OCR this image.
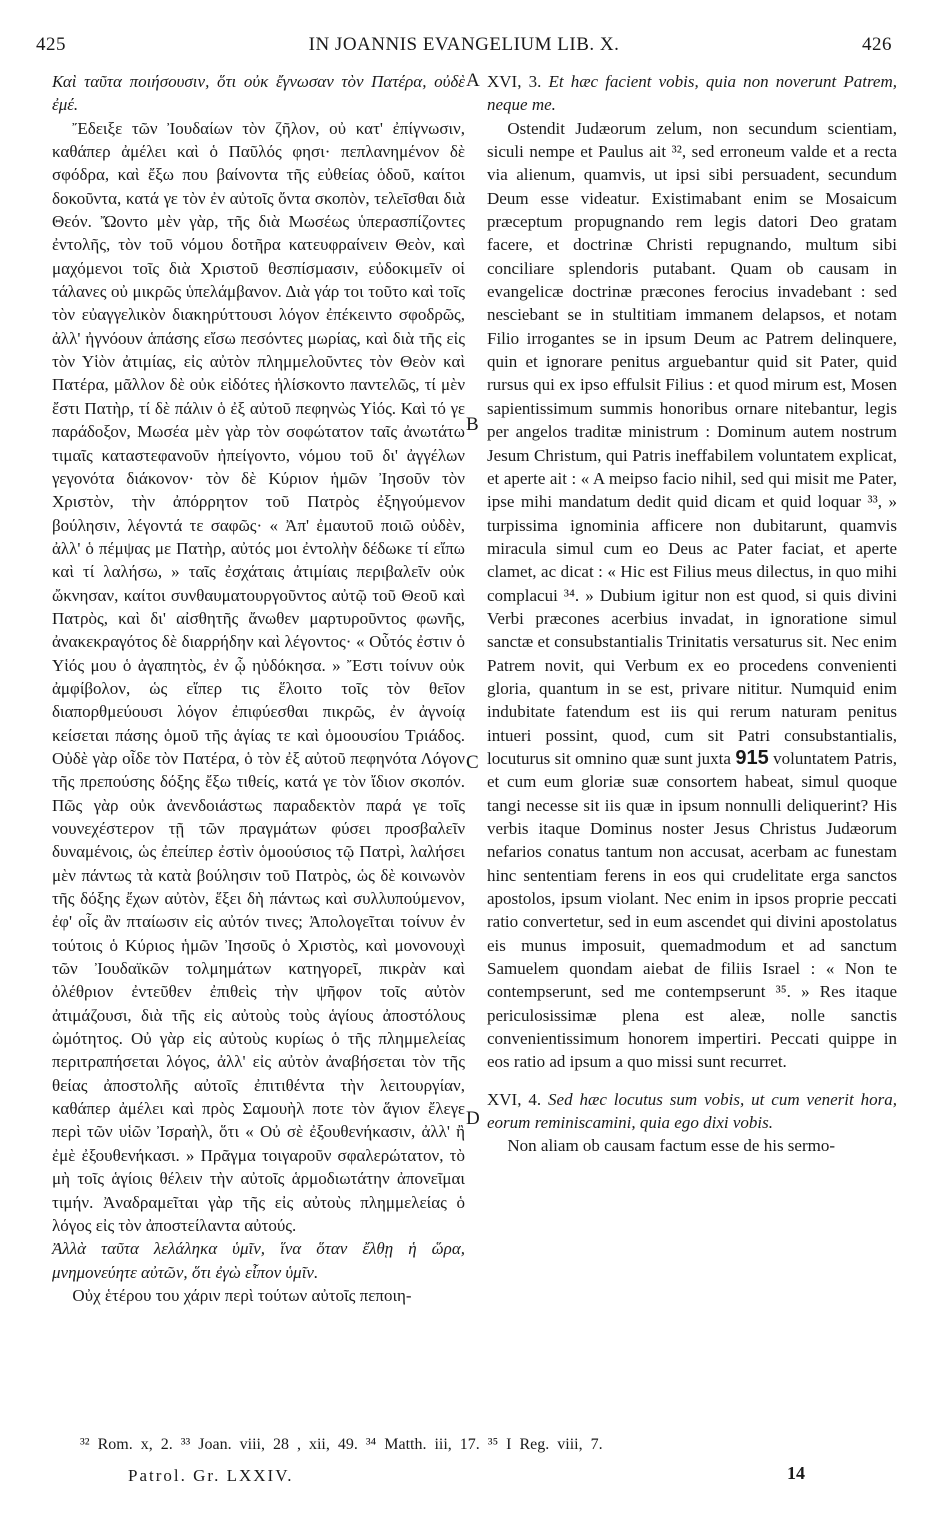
425	IN JOANNIS EVANGELIUM LIB. X.	426

Καὶ ταῦτα ποιήσουσιν, ὅτι οὐκ ἔγνωσαν τὸν Πατέρα, οὐδὲ ἐμέ.

Ἔδειξε τῶν Ἰουδαίων τὸν ζῆλον, οὐ κατ' ἐπίγνωσιν, καθάπερ ἀμέλει καὶ ὁ Παῦλός φησι· πεπλανημένον δὲ σφόδρα, καὶ ἔξω που βαίνοντα τῆς εὐθείας ὁδοῦ, καίτοι δοκοῦντα, κατά γε τὸν ἐν αὐτοῖς ὄντα σκοπὸν, τελεῖσθαι διὰ Θεόν. Ὤοντο μὲν γὰρ, τῆς διὰ Μωσέως ὑπερασπίζοντες ἐντολῆς, τὸν τοῦ νόμου δοτῆρα κατευφραίνειν Θεὸν, καὶ μαχόμενοι τοῖς διὰ Χριστοῦ θεσπίσμασιν, εὐδοκιμεῖν οἱ τάλανες οὐ μικρῶς ὑπελάμβανον. Διὰ γάρ τοι τοῦτο καὶ τοῖς τὸν εὐαγγελικὸν διακηρύττουσι λόγον ἐπέκειντο σφοδρῶς, ἀλλ' ἠγνόουν ἁπάσης εἴσω πεσόντες μωρίας, καὶ διὰ τῆς εἰς τὸν Υἱὸν ἀτιμίας, εἰς αὐτὸν πλημμελοῦντες τὸν Θεὸν καὶ Πατέρα, μᾶλλον δὲ οὐκ εἰδότες ἡλίσκοντο παντελῶς, τί μὲν ἔστι Πατὴρ, τί δὲ πάλιν ὁ ἐξ αὐτοῦ πεφηνὼς Υἱός. Καὶ τό γε παράδοξον, Μωσέα μὲν γὰρ τὸν σοφώτατον ταῖς ἀνωτάτω τιμαῖς καταστεφανοῦν ἠπείγοντο, νόμου τοῦ δι' ἀγγέλων γεγονότα διάκονον· τὸν δὲ Κύριον ἡμῶν Ἰησοῦν τὸν Χριστὸν, τὴν ἀπόρρητον τοῦ Πατρὸς ἐξηγούμενον βούλησιν, λέγοντά τε σαφῶς· « Ἀπ' ἐμαυτοῦ ποιῶ οὐδὲν, ἀλλ' ὁ πέμψας με Πατὴρ, αὐτός μοι ἐντολὴν δέδωκε τί εἴπω καὶ τί λαλήσω, » ταῖς ἐσχάταις ἀτιμίαις περιβαλεῖν οὐκ ὤκνησαν, καίτοι συνθαυματουργοῦντος αὐτῷ τοῦ Θεοῦ καὶ Πατρὸς, καὶ δι' αἰσθητῆς ἄνωθεν μαρτυροῦντος φωνῆς, ἀνακεκραγότος δὲ διαρρήδην καὶ λέγοντος· « Οὗτός ἐστιν ὁ Υἱός μου ὁ ἀγαπητὸς, ἐν ᾧ ηὐδόκησα. » Ἔστι τοίνυν οὐκ ἀμφίβολον, ὡς εἴπερ τις ἕλοιτο τοῖς τὸν θεῖον διαπορθμεύουσι λόγον ἐπιφύεσθαι πικρῶς, ἐν ἀγνοίᾳ κείσεται πάσης ὁμοῦ τῆς ἁγίας τε καὶ ὁμοουσίου Τριάδος. Οὐδὲ γὰρ οἶδε τὸν Πατέρα, ὁ τὸν ἐξ αὐτοῦ πεφηνότα Λόγον τῆς πρεπούσης δόξης ἔξω τιθείς, κατά γε τὸν ἴδιον σκοπόν. Πῶς γὰρ οὐκ ἀνενδοιάστως παραδεκτὸν παρά γε τοῖς νουνεχέστερον τῇ τῶν πραγμάτων φύσει προσβαλεῖν δυναμένοις, ὡς ἐπείπερ ἐστὶν ὁμοούσιος τῷ Πατρὶ, λαλήσει μὲν πάντως τὰ κατὰ βούλησιν τοῦ Πατρὸς, ὡς δὲ κοινωνὸν τῆς δόξης ἔχων αὐτὸν, ἕξει δὴ πάντως καὶ συλλυπούμενον, ἐφ' οἷς ἂν πταίωσιν εἰς αὐτόν τινες; Ἀπολογεῖται τοίνυν ἐν τούτοις ὁ Κύριος ἡμῶν Ἰησοῦς ὁ Χριστὸς, καὶ μονονουχὶ τῶν Ἰουδαϊκῶν τολμημάτων κατηγορεῖ, πικρὰν καὶ ὀλέθριον ἐντεῦθεν ἐπιθεὶς τὴν ψῆφον τοῖς αὐτὸν ἀτιμάζουσι, διὰ τῆς εἰς αὐτοὺς τοὺς ἁγίους ἀποστόλους ὠμότητος. Οὐ γὰρ εἰς αὐτοὺς κυρίως ὁ τῆς πλημμελείας περιτραπήσεται λόγος, ἀλλ' εἰς αὐτὸν ἀναβήσεται τὸν τῆς θείας ἀποστολῆς αὐτοῖς ἐπιτιθέντα τὴν λειτουργίαν, καθάπερ ἀμέλει καὶ πρὸς Σαμουὴλ ποτε τὸν ἅγιον ἔλεγε περὶ τῶν υἱῶν Ἰσραὴλ, ὅτι « Οὐ σὲ ἐξουθενήκασιν, ἀλλ' ἢ ἐμὲ ἐξουθενήκασι. » Πρᾶγμα τοιγαροῦν σφαλερώτατον, τὸ μὴ τοῖς ἁγίοις θέλειν τὴν αὐτοῖς ἁρμοδιωτάτην ἀπονεῖμαι τιμήν. Ἀναδραμεῖται γὰρ τῆς εἰς αὐτοὺς πλημμελείας ὁ λόγος εἰς τὸν ἀποστείλαντα αὐτούς.

Ἀλλὰ ταῦτα λελάληκα ὑμῖν, ἵνα ὅταν ἔλθῃ ἡ ὥρα, μνημονεύητε αὐτῶν, ὅτι ἐγὼ εἶπον ὑμῖν.

Οὐχ ἑτέρου του χάριν περὶ τούτων αὐτοῖς πεποιη-

XVI, 3. Et hæc facient vobis, quia non noverunt Patrem, neque me.

Ostendit Judæorum zelum, non secundum scientiam, siculi nempe et Paulus ait ³², sed erroneum valde et a recta via alienum, quamvis, ut ipsi sibi persuadent, secundum Deum esse videatur. Existimabant enim se Mosaicum præceptum propugnando rem legis datori Deo gratam facere, et doctrinæ Christi repugnando, multum sibi conciliare splendoris putabant. Quam ob causam in evangelicæ doctrinæ præcones ferocius invadebant : sed nesciebant se in stultitiam immanem delapsos, et notam Filio irrogantes se in ipsum Deum ac Patrem delinquere, quin et ignorare penitus arguebantur quid sit Pater, quid rursus qui ex ipso effulsit Filius : et quod mirum est, Mosen sapientissimum summis honoribus ornare nitebantur, legis per angelos traditæ ministrum : Dominum autem nostrum Jesum Christum, qui Patris ineffabilem voluntatem explicat, et aperte ait : « A meipso facio nihil, sed qui misit me Pater, ipse mihi mandatum dedit quid dicam et quid loquar ³³, » turpissima ignominia afficere non dubitarunt, quamvis miracula simul cum eo Deus ac Pater faciat, et aperte clamet, ac dicat : « Hic est Filius meus dilectus, in quo mihi complacui ³⁴. » Dubium igitur non est quod, si quis divini Verbi præcones acerbius invadat, in ignoratione simul sanctæ et consubstantialis Trinitatis versaturus sit. Nec enim Patrem novit, qui Verbum ex eo procedens convenienti gloria, quantum in se est, privare nititur. Numquid enim indubitate fatendum est iis qui rerum naturam penitus intueri possint, quod, cum sit Patri consubstantialis, locuturus sit omnino quæ sunt juxta 915 voluntatem Patris, et cum eum gloriæ suæ consortem habeat, simul quoque tangi necesse sit iis quæ in ipsum nonnulli deliquerint? His verbis itaque Dominus noster Jesus Christus Judæorum nefarios conatus tantum non accusat, acerbam ac funestam hinc sententiam ferens in eos qui crudelitate erga sanctos apostolos, ipsum violant. Nec enim in ipsos proprie peccati ratio convertetur, sed in eum ascendet qui divini apostolatus eis munus imposuit, quemadmodum et ad sanctum Samuelem quondam aiebat de filiis Israel : « Non te contempserunt, sed me contempserunt ³⁵. » Res itaque periculosissimæ plena est aleæ, nolle sanctis convenientissimum honorem impertiri. Peccati quippe in eos ratio ad ipsum a quo missi sunt recurret.

XVI, 4. Sed hæc locutus sum vobis, ut cum venerit hora, eorum reminiscamini, quia ego dixi vobis.

Non aliam ob causam factum esse de his sermo-

A
B
C
D
³² Rom. x, 2. ³³ Joan. viii, 28 , xii, 49. ³⁴ Matth. iii, 17. ³⁵ I Reg. viii, 7.
Patrol. Gr. LXXIV.	14
